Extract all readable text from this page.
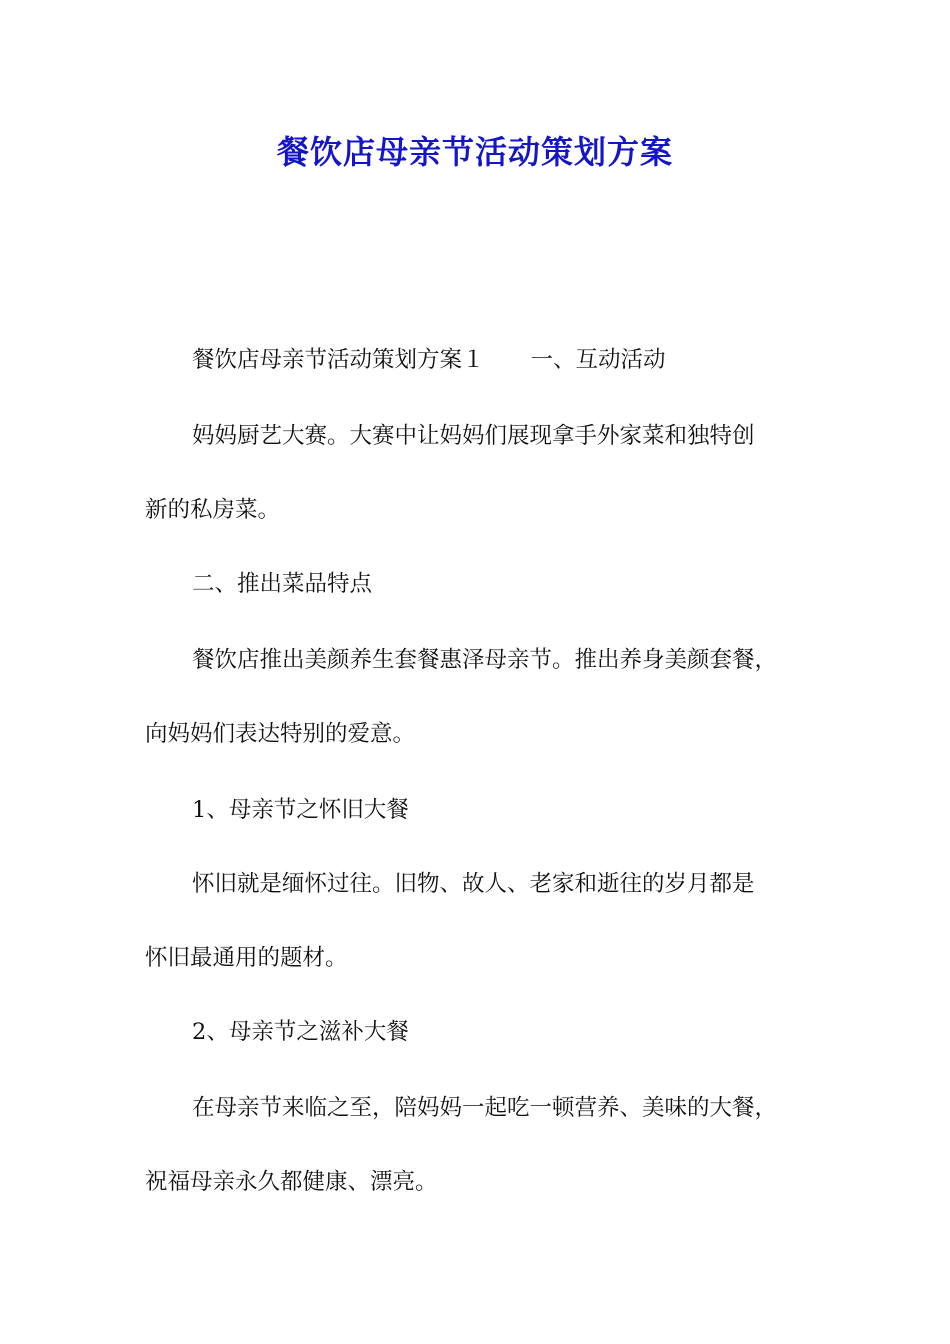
餐饮店母亲节活动策划方案
餐饮店母亲节活动策划方案１ 一、互动活动
妈妈厨艺大赛。大赛中让妈妈们展现拿手外家菜和独特创
新的私房菜。
二、推出菜品特点
餐饮店推出美颜养生套餐惠泽母亲节。推出养身美颜套餐，
向妈妈们表达特别的爱意。
1、母亲节之怀旧大餐
怀旧就是缅怀过往。旧物、故人、老家和逝往的岁月都是
怀旧最通用的题材。
2、母亲节之滋补大餐
在母亲节来临之至，陪妈妈一起吃一顿营养、美味的大餐，
祝福母亲永久都健康、漂亮。
